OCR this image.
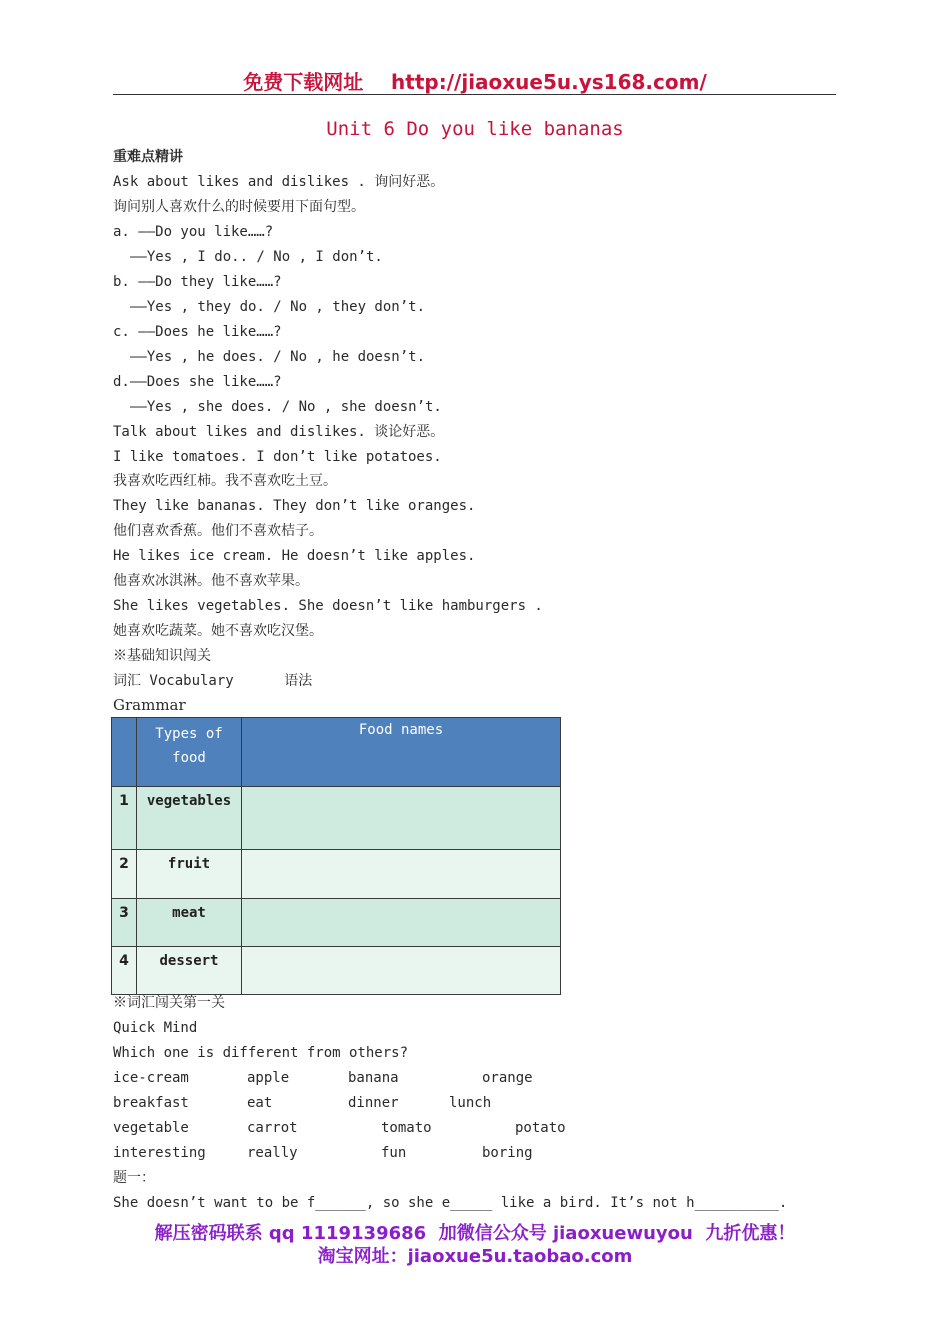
免费下载网址    http://jiaoxue5u.ys168.com/
Unit 6 Do you like bananas
重难点精讲
Ask about likes and dislikes . 询问好恶。
询问别人喜欢什么的时候要用下面句型。
a. ——Do you like……?
——Yes , I do.. / No , I don’t.
b. ——Do they like……?
——Yes , they do. / No , they don’t.
c. ——Does he like……?
——Yes , he does. / No , he doesn’t.
d.——Does she like……?
——Yes , she does. / No , she doesn’t.
Talk about likes and dislikes. 谈论好恶。
I like tomatoes. I don’t like potatoes.
我喜欢吃西红柿。我不喜欢吃土豆。
They like bananas. They don’t like oranges.
他们喜欢香蕉。他们不喜欢桔子。
He likes ice cream. He doesn’t like apples.
他喜欢冰淇淋。他不喜欢苹果。
She likes vegetables. She doesn’t like hamburgers .
她喜欢吃蔬菜。她不喜欢吃汉堡。
※基础知识闯关
词汇 Vocabulary      语法
Grammar
	Types of
food	Food names
1	vegetables	
2	fruit	
3	meat	
4	dessert	
※词汇闯关第一关
Quick Mind
Which one is different from others?
ice-cream	apple	banana	orange
breakfast	eat	dinner	lunch
vegetable	carrot	tomato	potato
interesting	really	fun	boring
题一：
She doesn’t want to be f______, so she e_____ like a bird. It’s not h__________.
解压密码联系 qq 1119139686  加微信公众号 jiaoxuewuyou  九折优惠！
淘宝网址：jiaoxue5u.taobao.com
